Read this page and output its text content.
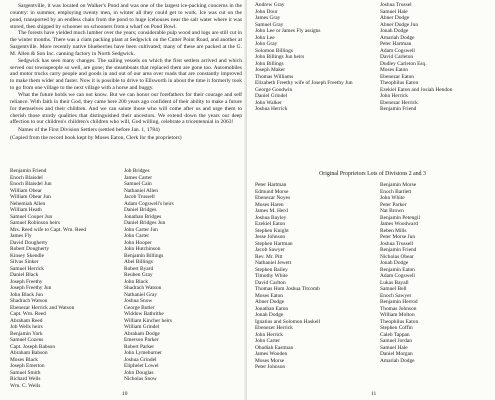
Sargentville, it was located on Walker's Pond and was one of the largest ice-packing concerns in the country: in summer, employing twenty men, in winter all they could get to work. Ice was cut on the pond, transported by an endless chain from the pond to huge icehouses near the salt water where it was stored, then shipped by schooner on schooners from a wharf on Pond Bowl.

The forests have yielded much lumber over the years; considerable pulp wood and logs are still cut in the winter months. There was a clam packing plant at Sedgwick on the Cutter Point Road, and another at Sargentville. More recently native blueberries have been cultivated; many of these are packed at the G. M. Allen & Son Inc. canning factory in North Sedgwick.

Sedgwick has seen many changes. The sailing vessels on which the first settlers arrived and which served our townspeople so well, are gone; the steamboats that replaced them are gone too. Automobiles and motor trucks carry people and goods in and out of our area over roads that are constantly improved to make them wider and faster. Now it is possible to drive to Ellsworth in about the time it formerly took to go from one village to the next village with a horse and buggy.

What the future holds we can not know. But we can honor our forefathers for their courage and self reliance. With faith in their God, they came here 200 years ago confident of their ability to make a future for themselves and their children. And we can salute those who will come after us and urge them to cherish those sturdy qualities that distinguished their ancestors. We extend down the years our deep affection to our children's children's children who will, God willing, celebrate a tricentennial in 2063!

Names of the First Division Settlers (settled before Jan. 1, 1784)
(Copied from the record book kept by Moses Eaton, Clerk for the proprietors)
Benjamin Friend
Enoch Blaisdel
Enoch Blaisdel Jun
William Obear
William Obear Jun
Nehemiah Allen
William Heath
Samuel Cooper Jun
Samuel Robinson heirs
Mrs. Reed wife to Capt. Wm. Reed
James Fly
David Dougherty
Robert Dougherty
Kinsey Skendle
Silvas Sinker
Samuel Herrick
Daniel Black
Joseph Freethy
Joseph Freethy Jun
John Black Jun
Shadrach Watson
Ebenezar Herrick and Watson
Capt. Wm. Reed
Abraham Reed
Job Wells heirs
Benjamin York
Samuel Cozens
Capt. Joseph Babson
Abraham Babson
Moses Black
Joseph Emerton
Samuel Smith
Richard Wells
Wm. C. Wells
Job Bridges
James Carter
Samuel Cain
Nathaniel Allen
Jacob Trussell
Adam Cogswell's heirs
Daniel Bridges
Jonathan Bridges
Daniel Bridges Jun
John Carter Jun
John Carter
John Hooper
John Hutchinson
Benjamin Billings
Abel Billings
Robert Byard
Reuben Gray
John Black
Shadrach Watson
Nathaniel Gray
Joshua Snow
George Butler
Widdow Bathrithe
William Kincher heirs
William Grindel
Abraham Dodge
Emerson Parker
Robert Parker
John Lymeburner
Joshua Grindel
Eliphelet Lowel
John Douglas
Nicholas Snow
10
Andrew Gray
John Dour
James Gray
Samuel Gray
John Lee or James Fly assigns
John Lee
John Gray
Solomon Billings
John Billings Jun heirs
John Billings
Joseph Maker
Thomas Williams
Elizabeth Freethy wife of Joseph Freethy Jun
George Goodwin
Daniel Grindel
John Walker
Joshua Herrick
Joshua Trussel
Samuel Hale
Abner Dodge
Abner Dodge Jun
Jonah Dodge
Amariah Dodge
Peter Hartman
Adam Cogswell
David Carleton
Dudley Carleton Esq.
Moses Eaton
Ebenezar Eaton
Theophilus Eaton
Ezekiel Eaton and Josiah Hendon
John Herrick
Ebenezar Herrick
Benjamin Friend
Peter Hartman
Edmund Morse
Ebenezar Noyes
Moses Haren
James M. Herd
Joshua Bayley
Ezekiel Eaton
Stephen Knight
Jesse Johnson
Stephen Hartman
Jacob Sawyer
Rev. Mr. Pitt
Nathaniel Jewett
Stephen Bailey
Timothy White
David Carlton
Thomas Hom Joshua Titcomb
Moses Eaton
Abner Dodge
Jonathan Eaton
Jonah Dodge
Ignatius and Solomon Haskell
Ebenezer Herrick
John Herrick
John Carter
Obadiah Eastman
James Wooden
Moses Morse
Peter Johnson
Benjamin Morse
Enoch Bartlett
John White
Peter Parker
Nat Brown
Benjamin Petengil
James Woodward
Reben Mills
Peter Morse Jun
Joshua Trussell
Benjamin Friend
Nicholas Obear
Jonah Dodge
Benjamin Eaton
Adam Cogswell
Lukas Bayall
Samuel Bell
Enoch Sawyer
Benjamin Herrod
Thomas Johnson
William Molton
Theophilus Eaton
Stephen Coffin
Caleb Tappan
Samuel Jordan
Samuel Hale
Daniel Morgan
Amariah Dodge
11
Original Proprietors Lots of Divisions 2 and 3
